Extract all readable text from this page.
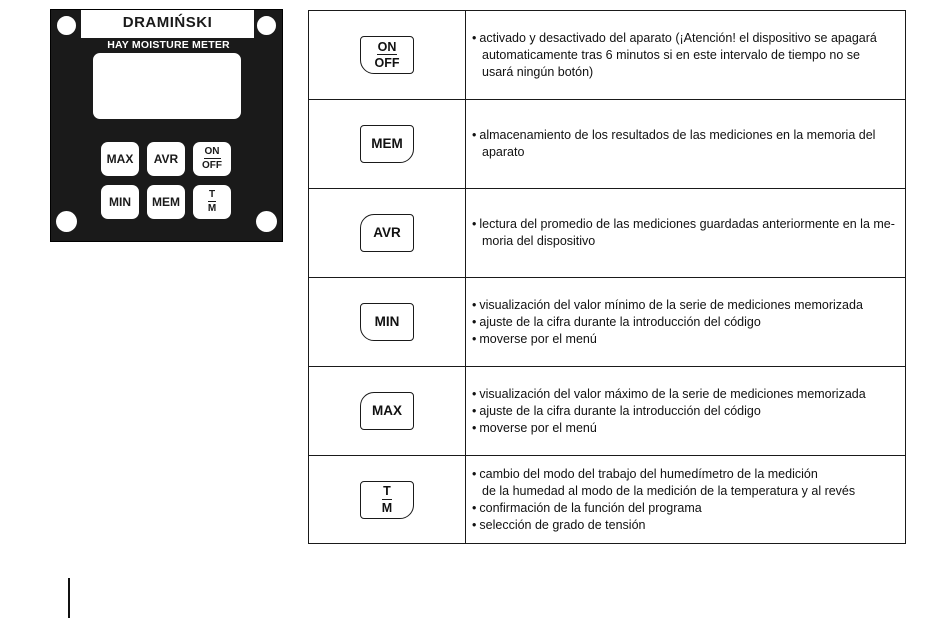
DRAMIŃSKI
HAY MOISTURE METER
MAX AVR
ON
OFF
MIN MEM
T
M
ON
OFF	• activado y desactivado del aparato (¡Atención! el dispositivo se apagará
automaticamente tras 6 minutos si en este intervalo de tiempo no se
usará ningún botón)

MEM	• almacenamiento de los resultados de las mediciones en la memoria del
aparato

AVR	• lectura del promedio de las mediciones guardadas anteriormente en la me-
moria del dispositivo

MIN	• visualización del valor mínimo de la serie de mediciones memorizada
• ajuste de la cifra durante la introducción del código
• moverse por el menú

MAX	• visualización del valor máximo de la serie de mediciones memorizada
• ajuste de la cifra durante la introducción del código
• moverse por el menú

T
M	• cambio del modo del trabajo del humedímetro de la medición
de la humedad al modo de la medición de la temperatura y al revés
• confirmación de la función del programa
• selección de grado de tensión
